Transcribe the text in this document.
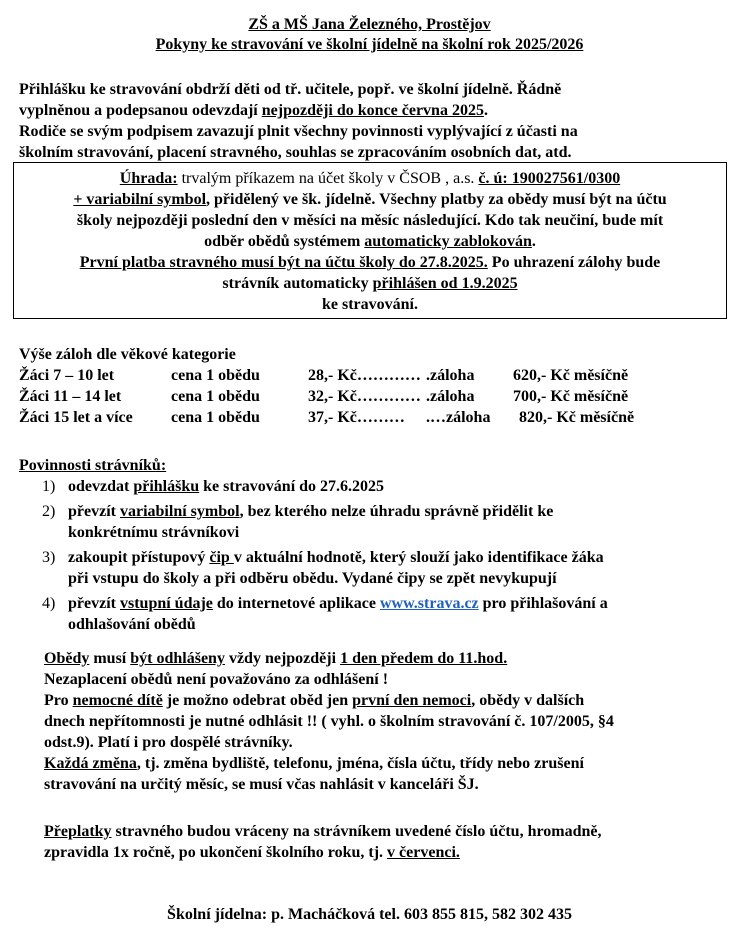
ZŠ a MŠ Jana Železného, Prostějov
Pokyny ke stravování ve školní jídelně na školní rok 2025/2026
Přihlášku ke stravování obdrží děti od tř. učitele, popř. ve školní jídelně. Řádně
vyplněnou a podepsanou odevzdají nejpozději do konce června 2025.
Rodiče se svým podpisem zavazují plnit všechny povinnosti vyplývající z účasti na
školním stravování, placení stravného, souhlas se zpracováním osobních dat, atd.
Úhrada: trvalým příkazem na účet školy v ČSOB , a.s. č. ú: 190027561/0300
+ variabilní symbol, přidělený ve šk. jídelně. Všechny platby za obědy musí být na účtu
školy nejpozději poslední den v měsíci na měsíc následující. Kdo tak neučiní, bude mít
odběr obědů systémem automaticky zablokován.
První platba stravného musí být na účtu školy do 27.8.2025. Po uhrazení zálohy bude
strávník automaticky přihlášen od 1.9.2025
ke stravování.
Výše záloh dle věkové kategorie
Žáci 7 – 10 let	cena 1 obědu	28,- Kč………… .záloha 620,- Kč měsíčně
Žáci 11 – 14 let	cena 1 obědu	32,- Kč………… .záloha 700,- Kč měsíčně
Žáci 15 let a více cena 1 obědu	37,- Kč……… .…záloha 820,- Kč měsíčně
Povinnosti strávníků:
1) odevzdat přihlášku ke stravování do 27.6.2025
2) převzít variabilní symbol, bez kterého nelze úhradu správně přidělit ke
konkrétnímu strávníkovi
3) zakoupit přístupový čip v aktuální hodnotě, který slouží jako identifikace žáka
při vstupu do školy a při odběru obědu. Vydané čipy se zpět nevykupují
4) převzít vstupní údaje do internetové aplikace www.strava.cz pro přihlašování a
odhlašování obědů
Obědy musí být odhlášeny vždy nejpozději 1 den předem do 11.hod.
Nezaplacení obědů není považováno za odhlášení !
Pro nemocné dítě je možno odebrat oběd jen první den nemoci, obědy v dalších
dnech nepřítomnosti je nutné odhlásit !! ( vyhl. o školním stravování č. 107/2005, §4
odst.9). Platí i pro dospělé strávníky.
Každá změna, tj. změna bydliště, telefonu, jména, čísla účtu, třídy nebo zrušení
stravování na určitý měsíc, se musí včas nahlásit v kanceláři ŠJ.
Přeplatky stravného budou vráceny na strávníkem uvedené číslo účtu, hromadně,
zpravidla 1x ročně, po ukončení školního roku, tj. v červenci.
Školní jídelna: p. Macháčková tel. 603 855 815, 582 302 435
